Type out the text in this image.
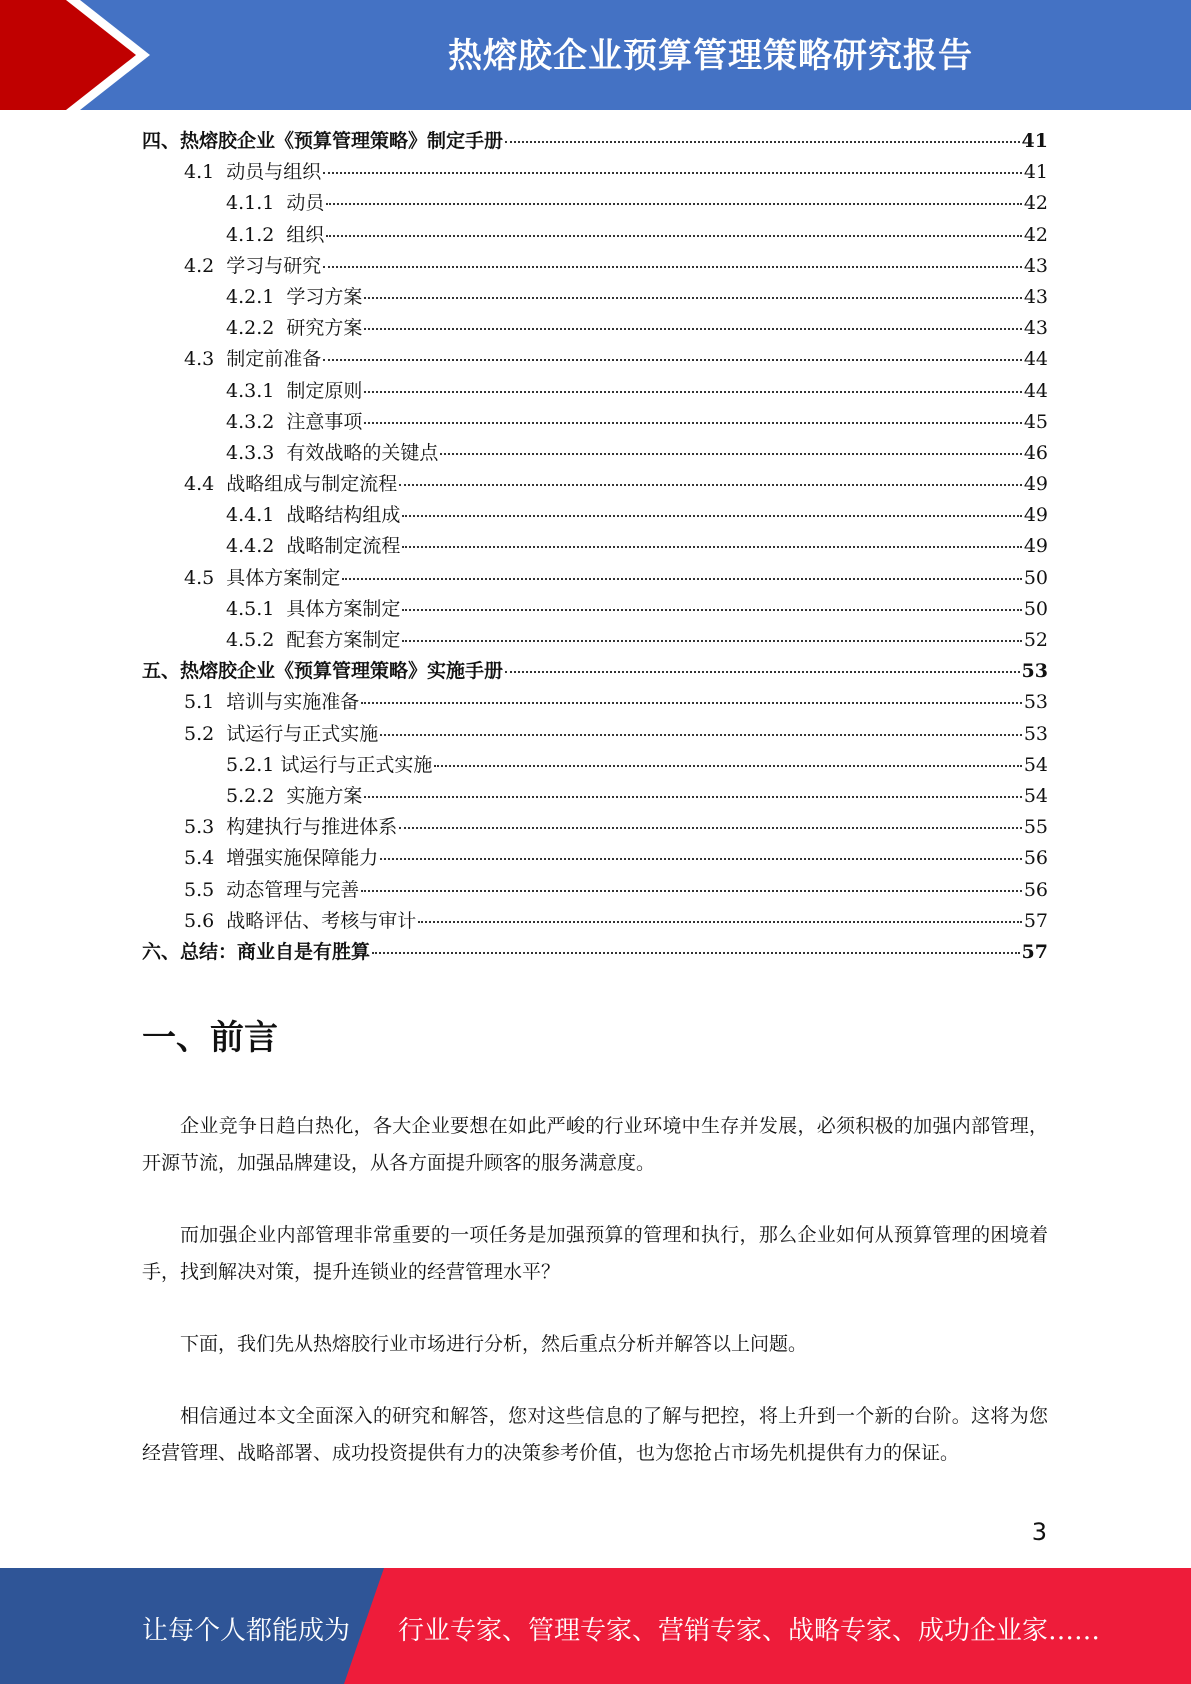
热熔胶企业预算管理策略研究报告
四、热熔胶企业《预算管理策略》制定手册	41
4.1  动员与组织	41
4.1.1  动员	42
4.1.2  组织	42
4.2  学习与研究	43
4.2.1  学习方案	43
4.2.2  研究方案	43
4.3  制定前准备	44
4.3.1  制定原则	44
4.3.2  注意事项	45
4.3.3  有效战略的关键点	46
4.4  战略组成与制定流程	49
4.4.1  战略结构组成	49
4.4.2  战略制定流程	49
4.5  具体方案制定	50
4.5.1  具体方案制定	50
4.5.2  配套方案制定	52
五、热熔胶企业《预算管理策略》实施手册	53
5.1  培训与实施准备	53
5.2  试运行与正式实施	53
5.2.1 试运行与正式实施	54
5.2.2  实施方案	54
5.3  构建执行与推进体系	55
5.4  增强实施保障能力	56
5.5  动态管理与完善	56
5.6  战略评估、考核与审计	57
六、总结：商业自是有胜算	57
一、前言

企业竞争日趋白热化，各大企业要想在如此严峻的行业环境中生存并发展，必须积极的加强内部管理，开源节流，加强品牌建设，从各方面提升顾客的服务满意度。

而加强企业内部管理非常重要的一项任务是加强预算的管理和执行，那么企业如何从预算管理的困境着手，找到解决对策，提升连锁业的经营管理水平？

下面，我们先从热熔胶行业市场进行分析，然后重点分析并解答以上问题。

相信通过本文全面深入的研究和解答，您对这些信息的了解与把控，将上升到一个新的台阶。这将为您经营管理、战略部署、成功投资提供有力的决策参考价值，也为您抢占市场先机提供有力的保证。

3
让每个人都能成为 行业专家、管理专家、营销专家、战略专家、成功企业家……
